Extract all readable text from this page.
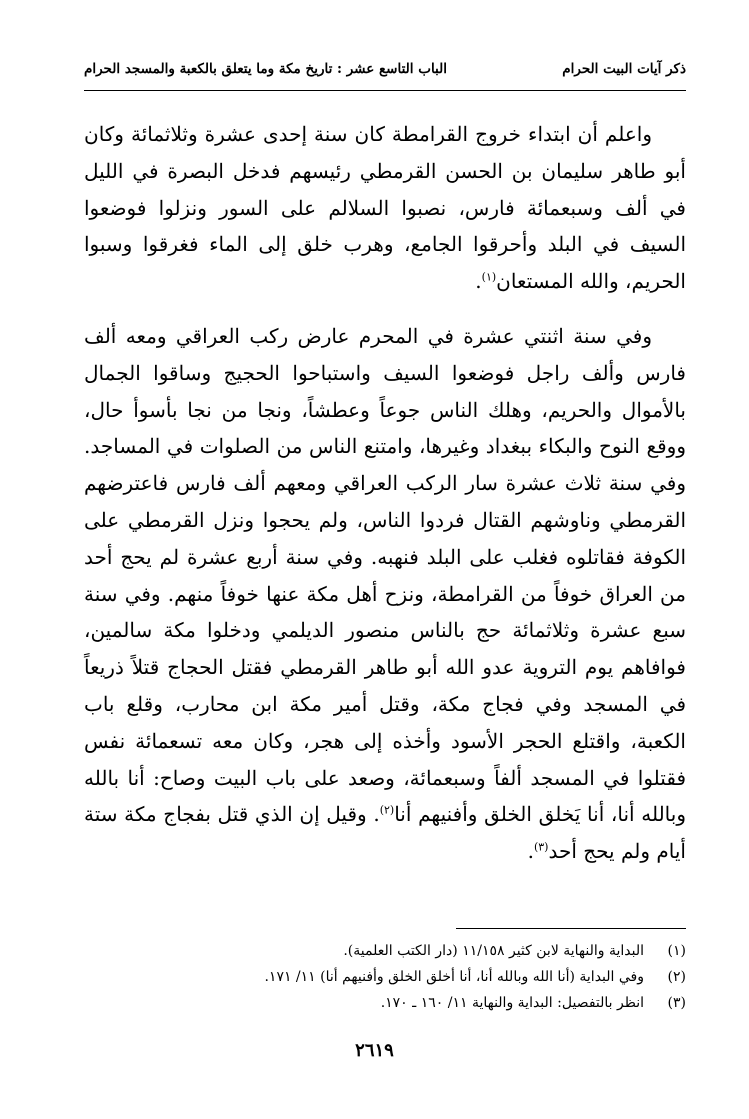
ذكر آيات البيت الحرام
الباب التاسع عشر : تاريخ مكة وما يتعلق بالكعبة والمسجد الحرام

واعلم أن ابتداء خروج القرامطة كان سنة إحدى عشرة وثلاثمائة وكان أبو طاهر سليمان بن الحسن القرمطي رئيسهم فدخل البصرة في الليل في ألف وسبعمائة فارس، نصبوا السلالم على السور ونزلوا فوضعوا السيف في البلد وأحرقوا الجامع، وهرب خلق إلى الماء فغرقوا وسبوا الحريم، والله المستعان$^{(١)}$.

وفي سنة اثنتي عشرة في المحرم عارض ركب العراقي ومعه ألف فارس وألف راجل فوضعوا السيف واستباحوا الحجيج وساقوا الجمال بالأموال والحريم، وهلك الناس جوعاً وعطشاً، ونجا من نجا بأسوأ حال، ووقع النوح والبكاء ببغداد وغيرها، وامتنع الناس من الصلوات في المساجد. وفي سنة ثلاث عشرة سار الركب العراقي ومعهم ألف فارس فاعترضهم القرمطي وناوشهم القتال فردوا الناس، ولم يحجوا ونزل القرمطي على الكوفة فقاتلوه فغلب على البلد فنهبه. وفي سنة أربع عشرة لم يحج أحد من العراق خوفاً من القرامطة، ونزح أهل مكة عنها خوفاً منهم. وفي سنة سبع عشرة وثلاثمائة حج بالناس منصور الديلمي ودخلوا مكة سالمين، فوافاهم يوم التروية عدو الله أبو طاهر القرمطي فقتل الحجاج قتلاً ذريعاً في المسجد وفي فجاج مكة، وقتل أمير مكة ابن محارب، وقلع باب الكعبة، واقتلع الحجر الأسود وأخذه إلى هجر، وكان معه تسعمائة نفس فقتلوا في المسجد ألفاً وسبعمائة، وصعد على باب البيت وصاح: أنا بالله وبالله أنا، أنا يَخلق الخلق وأفنيهم أنا$^{(٢)}$. وقيل إن الذي قتل بفجاج مكة ستة أيام ولم يحج أحد$^{(٣)}$.

(١)
البداية والنهاية لابن كثير ١١/١٥٨ (دار الكتب العلمية).
(٢)
وفي البداية (أنا الله وبالله أنا، أنا أخلق الخلق وأفنيهم أنا) ١١/ ١٧١.
(٣)
انظر بالتفصيل: البداية والنهاية ١١/ ١٦٠ ـ ١٧٠.
٢٦١٩
